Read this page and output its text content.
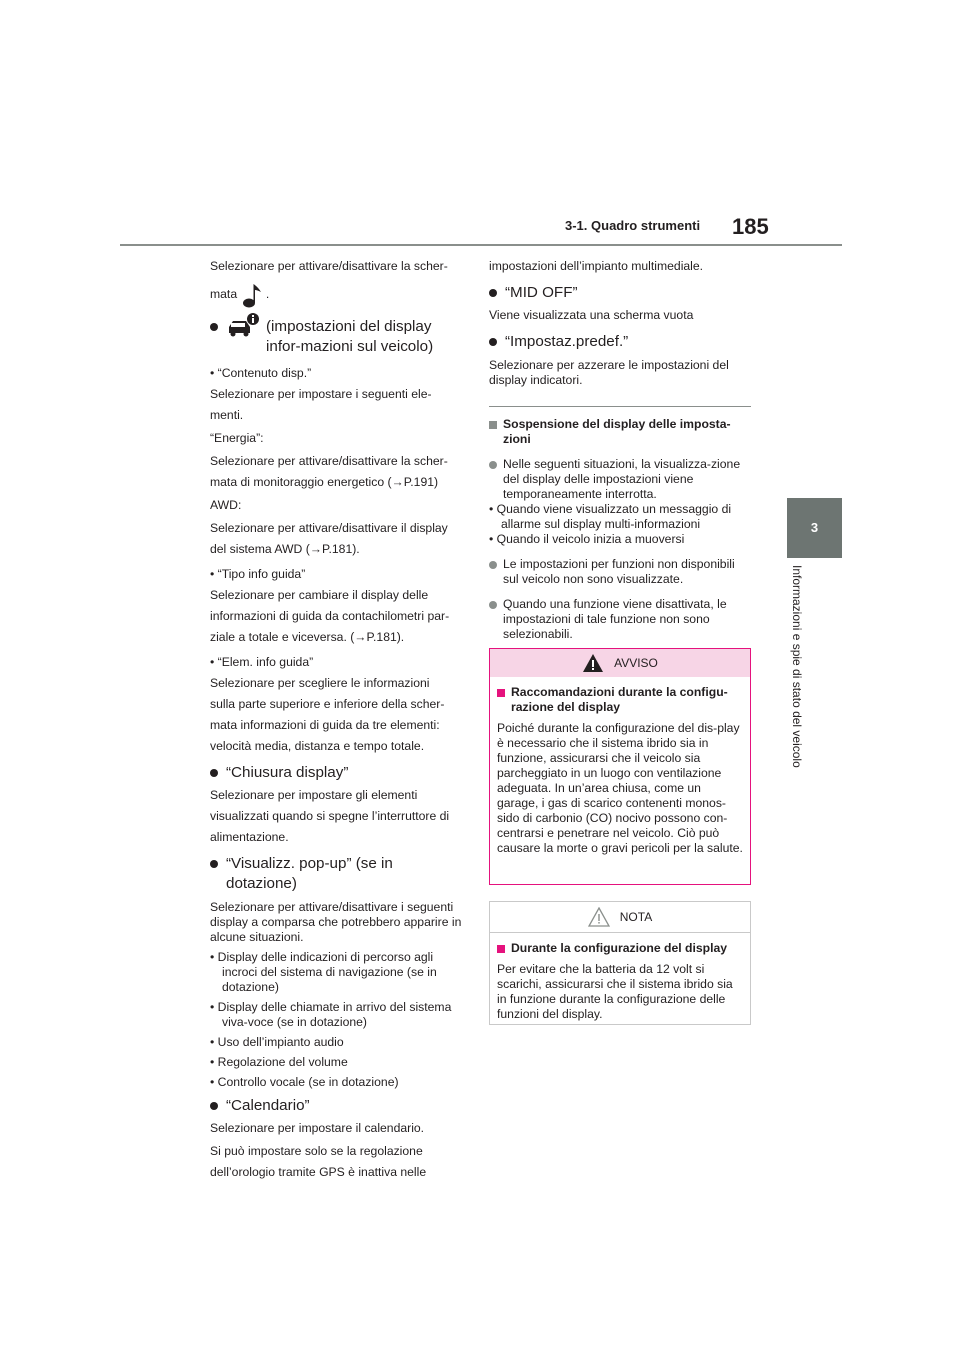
3-1. Quadro strumenti 185
3
Informazioni e spie di stato del veicolo

Selezionare per attivare/disattivare la scher-

mata .

(impostazioni del display infor-mazioni sul veicolo)

• “Contenuto disp.”

Selezionare per impostare i seguenti ele-

menti.

“Energia”:

Selezionare per attivare/disattivare la scher-

mata di monitoraggio energetico (→P.191)

AWD:

Selezionare per attivare/disattivare il display

del sistema AWD (→P.181).

• “Tipo info guida”

Selezionare per cambiare il display delle

informazioni di guida da contachilometri par-

ziale a totale e viceversa. (→P.181).

• “Elem. info guida”

Selezionare per scegliere le informazioni

sulla parte superiore e inferiore della scher-

mata informazioni di guida da tre elementi:

velocità media, distanza e tempo totale.

“Chiusura display”

Selezionare per impostare gli elementi

visualizzati quando si spegne l’interruttore di

alimentazione.

“Visualizz. pop-up” (se in dotazione)

Selezionare per attivare/disattivare i seguenti display a comparsa che potrebbero apparire in alcune situazioni.

• Display delle indicazioni di percorso agli incroci del sistema di navigazione (se in dotazione)

• Display delle chiamate in arrivo del sistema viva-voce (se in dotazione)

• Uso dell’impianto audio

• Regolazione del volume

• Controllo vocale (se in dotazione)

“Calendario”

Selezionare per impostare il calendario.

Si può impostare solo se la regolazione

dell’orologio tramite GPS è inattiva nelle

impostazioni dell’impianto multimediale.

“MID OFF”

Viene visualizzata una scherma vuota

“Impostaz.predef.”

Selezionare per azzerare le impostazioni del display indicatori.

Sospensione del display delle imposta-zioni
Nelle seguenti situazioni, la visualizza-zione del display delle impostazioni viene temporaneamente interrotta.

• Quando viene visualizzato un messaggio di allarme sul display multi-informazioni

• Quando il veicolo inizia a muoversi

Le impostazioni per funzioni non disponibili sul veicolo non sono visualizzate.
Quando una funzione viene disattivata, le impostazioni di tale funzione non sono selezionabili.
AVVISO
Raccomandazioni durante la configu-razione del display

Poiché durante la configurazione del dis-play è necessario che il sistema ibrido sia in funzione, assicurarsi che il veicolo sia parcheggiato in un luogo con ventilazione adeguata. In un’area chiusa, come un garage, i gas di scarico contenenti monos-sido di carbonio (CO) nocivo possono con-centrarsi e penetrare nel veicolo. Ciò può causare la morte o gravi pericoli per la salute.

NOTA
Durante la configurazione del display

Per evitare che la batteria da 12 volt si scarichi, assicurarsi che il sistema ibrido sia in funzione durante la configurazione delle funzioni del display.
